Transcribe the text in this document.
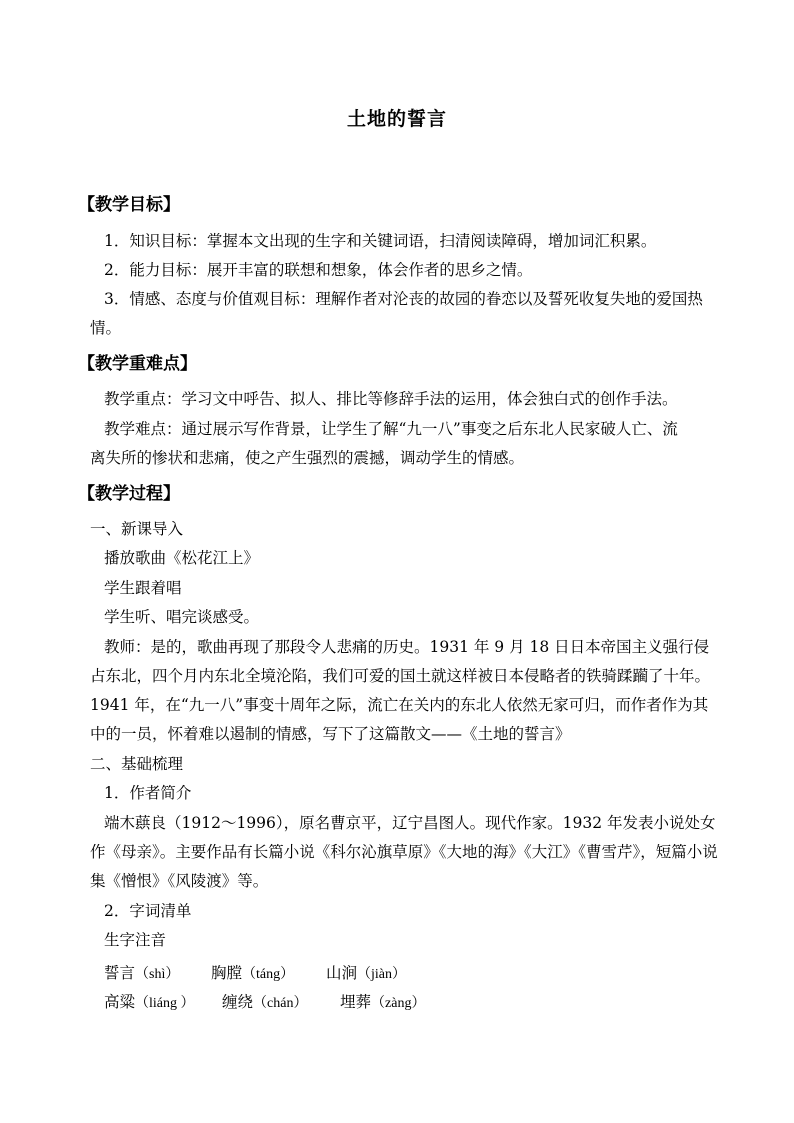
土地的誓言
【教学目标】
1．知识目标：掌握本文出现的生字和关键词语，扫清阅读障碍，增加词汇积累。
2．能力目标：展开丰富的联想和想象，体会作者的思乡之情。
3．情感、态度与价值观目标：理解作者对沦丧的故园的眷恋以及誓死收复失地的爱国热
情。
【教学重难点】
教学重点：学习文中呼告、拟人、排比等修辞手法的运用，体会独白式的创作手法。
教学难点：通过展示写作背景，让学生了解“九一八”事变之后东北人民家破人亡、流
离失所的惨状和悲痛，使之产生强烈的震撼，调动学生的情感。
【教学过程】
一、新课导入
播放歌曲《松花江上》
学生跟着唱
学生听、唱完谈感受。
教师：是的，歌曲再现了那段令人悲痛的历史。1931 年 9 月 18 日日本帝国主义强行侵
占东北，四个月内东北全境沦陷，我们可爱的国土就这样被日本侵略者的铁骑蹂躏了十年。
1941 年，在“九一八”事变十周年之际，流亡在关内的东北人依然无家可归，而作者作为其
中的一员，怀着难以遏制的情感，写下了这篇散文——《土地的誓言》
二、基础梳理
1．作者简介
端木蕻良（1912～1996），原名曹京平，辽宁昌图人。现代作家。1932 年发表小说处女
作《母亲》。主要作品有长篇小说《科尔沁旗草原》《大地的海》《大江》《曹雪芹》，短篇小说
集《憎恨》《风陵渡》等。
2．字词清单
生字注音
誓言（shì） 胸膛（táng） 山涧（jiàn）
高粱（liáng ） 缠绕（chán） 埋葬（zàng）
